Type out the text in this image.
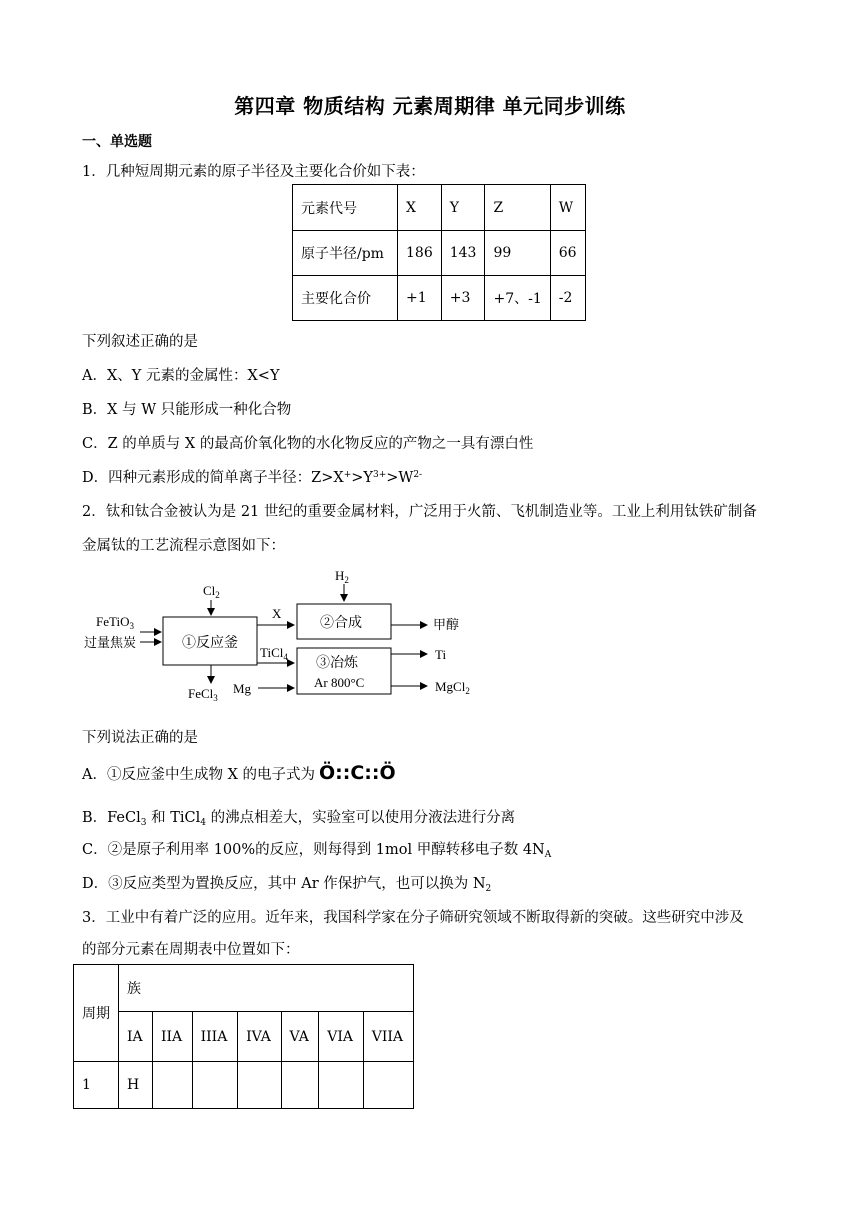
第四章 物质结构 元素周期律 单元同步训练
一、单选题
1．几种短周期元素的原子半径及主要化合价如下表：
元素代号	X	Y	Z	W
原子半径/pm	186	143	99	66
主要化合价	+1	+3	+7、-1	-2
下列叙述正确的是
A．X、Y 元素的金属性：X<Y
B．X 与 W 只能形成一种化合物
C．Z 的单质与 X 的最高价氧化物的水化物反应的产物之一具有漂白性
D．四种元素形成的简单离子半径：$Z>X^+>Y^{3+}>W^{2-}$
2．钛和钛合金被认为是 21 世纪的重要金属材料，广泛用于火箭、飞机制造业等。工业上利用钛铁矿制备
金属钛的工艺流程示意图如下：
FeTiO$_3$
过量焦炭
$Cl_2$
①反应釜
FeCl$_3$
X
TiCl$_4$
Mg
$H_2$
②合成
③冶炼
Ar 800°C
甲醇
Ti
MgCl$_2$
下列说法正确的是
A．①反应釜中生成物 X 的电子式为 Ö::C::Ö
B．FeCl$_3$ 和 TiCl$_4$ 的沸点相差大，实验室可以使用分液法进行分离
C．②是原子利用率 100%的反应，则每得到 1mol 甲醇转移电子数 $4N_A$
D．③反应类型为置换反应，其中 Ar 作保护气，也可以换为 $N_2$
3．工业中有着广泛的应用。近年来，我国科学家在分子筛研究领域不断取得新的突破。这些研究中涉及
的部分元素在周期表中位置如下：
周期	族						
	IA	IIA	IIIA	IVA	VA	VIA	VIIA
1	H						
